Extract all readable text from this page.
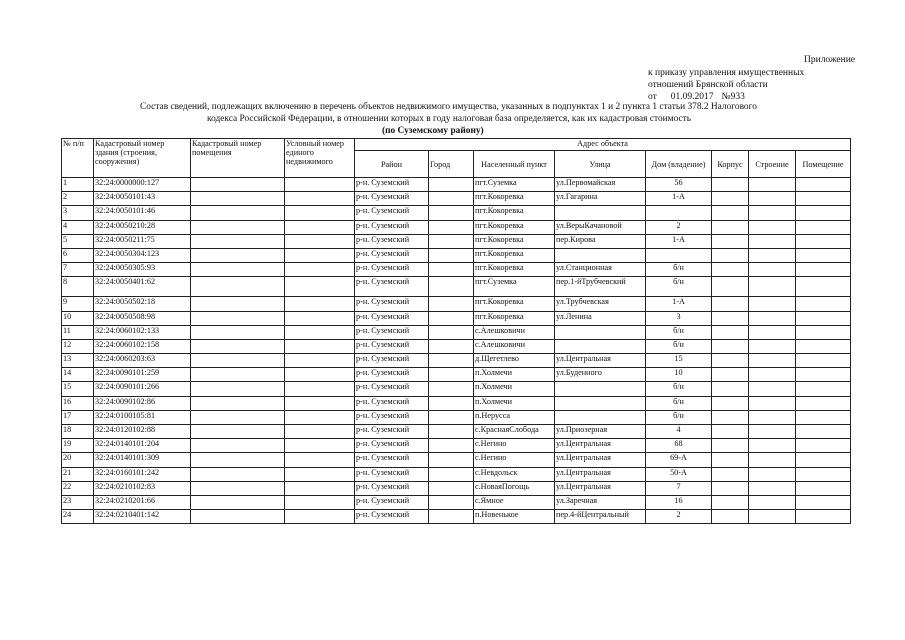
Приложение
к приказу управления имущественных
отношений Брянской области
от 01.09.2017 №933
Состав сведений, подлежащих включению в перечень объектов недвижимого имущества, указанных в подпунктах 1 и 2 пункта 1 статьи 378.2 Налогового
кодекса Российской Федерации, в отношении которых в году налоговая база определяется, как их кадастровая стоимость
(по Суземскому району)
№ п/п	Кадастровый номер здания (строения, сооружения)	Кадастровый номер помещения	Условный номер единого недвижимого	Адрес объекта							
				Район	Город	Населенный пункт	Улица	Дом (владение)	Корпус	Строение	Помещение
1	32:24:0000000:127			р-н. Суземский		пгт.Суземка	ул.Первомайская	56			
2	32:24:0050101:43			р-н. Суземский		пгт.Кокоревка	ул.Гагарина	1-А			
3	32:24:0050101:46			р-н. Суземский		пгт.Кокоревка					
4	32:24:0050210:28			р-н. Суземский		пгт.Кокоревка	ул.ВерыКачановой	2			
5	32:24:0050211:75			р-н. Суземский		пгт.Кокоревка	пер.Кирова	1-А			
6	32:24:0050304:123			р-н. Суземский		пгт.Кокоревка					
7	32:24:0050305:93			р-н. Суземский		пгт.Кокоревка	ул.Станционная	б/н			
8	32:24:0050401:62			р-н. Суземский		пгт.Суземка	пер.1-йТрубчевский	б/н			
9	32:24:0050502:18			р-н. Суземский		пгт.Кокоревка	ул.Трубчевская	1-А			
10	32:24:0050508:98			р-н. Суземский		пгт.Кокоревка	ул.Ленина	3			
11	32:24:0060102:133			р-н. Суземский		с.Алешковичи		б/н			
12	32:24:0060102:158			р-н. Суземский		с.Алешковичи		б/н			
13	32:24:0060203:63			р-н. Суземский		д.Щегетлево	ул.Центральная	15			
14	32:24:0090101:259			р-н. Суземский		п.Холмечи	ул.Буденного	10			
15	32:24:0090101:266			р-н. Суземский		п.Холмечи		б/н			
16	32:24:0090102:86			р-н. Суземский		п.Холмечи		б/н			
17	32:24:0100105:81			р-н. Суземский		п.Нерусса		б/н			
18	32:24:0120102:88			р-н. Суземский		с.КраснаяСлобода	ул.Приозерная	4			
19	32:24:0140101:204			р-н. Суземский		с.Негино	ул.Центральная	68			
20	32:24:0140101:309			р-н. Суземский		с.Негино	ул.Центральная	69-А			
21	32:24:0160101:242			р-н. Суземский		с.Невдольск	ул.Центральная	50-А			
22	32:24:0210102:83			р-н. Суземский		с.НоваяПогощь	ул.Центральная	7			
23	32:24:0210201:66			р-н. Суземский		с.Ямное	ул.Заречная	16			
24	32:24:0210401:142			р-н. Суземский		п.Новенькое	пер.4-йЦентральный	2			
